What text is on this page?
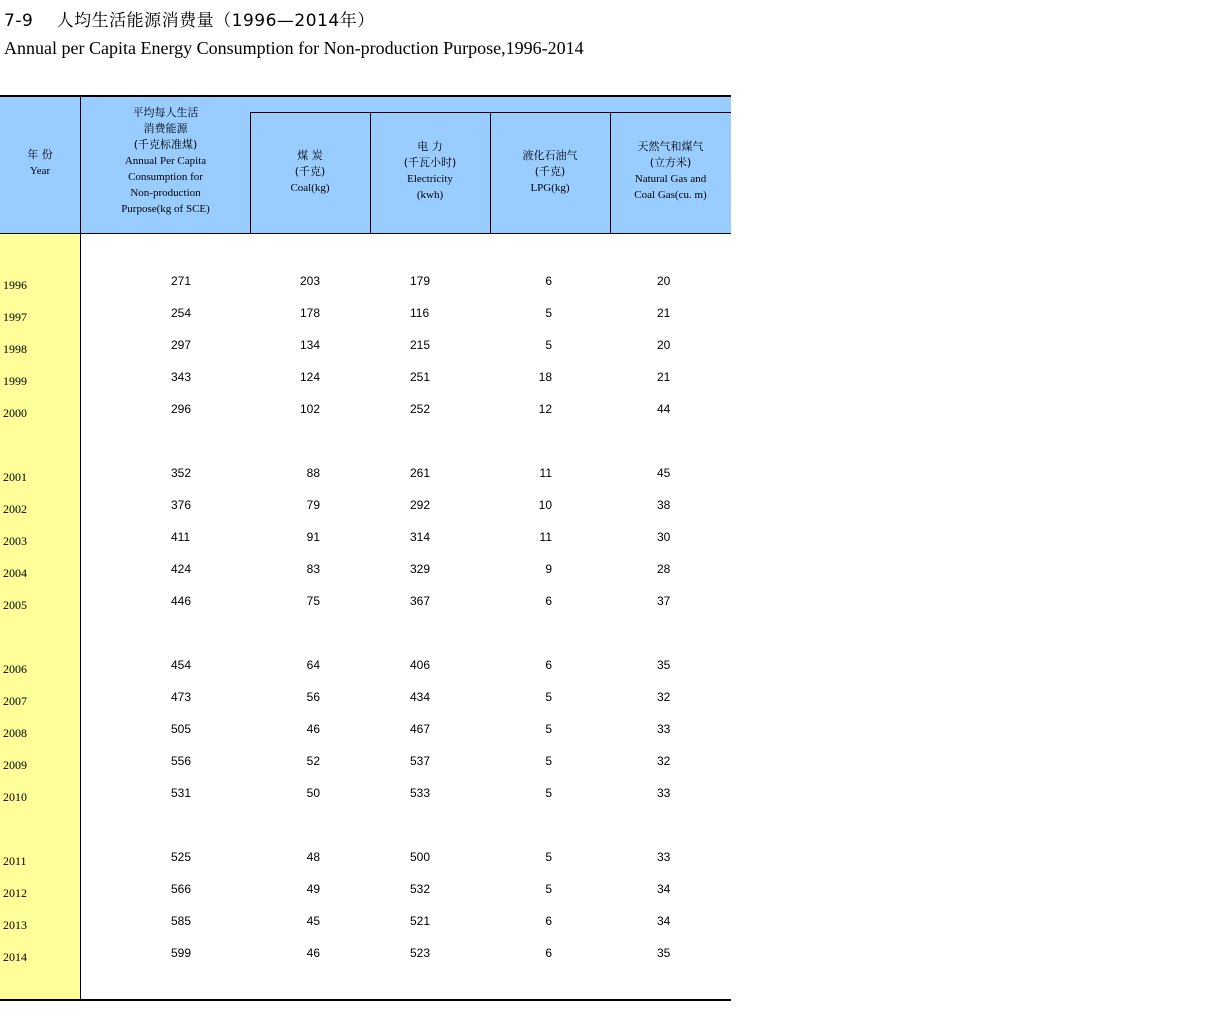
7-9　 人均生活能源消费量（1996—2014年）
Annual per Capita Energy Consumption for Non-production Purpose,1996-2014
年 份
Year
平均每人生活
消费能源
(千克标准煤)
Annual Per Capita
Consumption for
Non-production
Purpose(kg of SCE)
煤 炭
(千克)
Coal(kg)
电 力
(千瓦小时)
Electricity
(kwh)
液化石油气
(千克)
LPG(kg)
天然气和煤气
(立方米)
Natural Gas and
Coal Gas(cu. m)
1996	271	203	179	6	20
1997	254	178	116	5	21
1998	297	134	215	5	20
1999	343	124	251	18	21
2000	296	102	252	12	44
2001	352	88	261	11	45
2002	376	79	292	10	38
2003	411	91	314	11	30
2004	424	83	329	9	28
2005	446	75	367	6	37
2006	454	64	406	6	35
2007	473	56	434	5	32
2008	505	46	467	5	33
2009	556	52	537	5	32
2010	531	50	533	5	33
2011	525	48	500	5	33
2012	566	49	532	5	34
2013	585	45	521	6	34
2014	599	46	523	6	35
